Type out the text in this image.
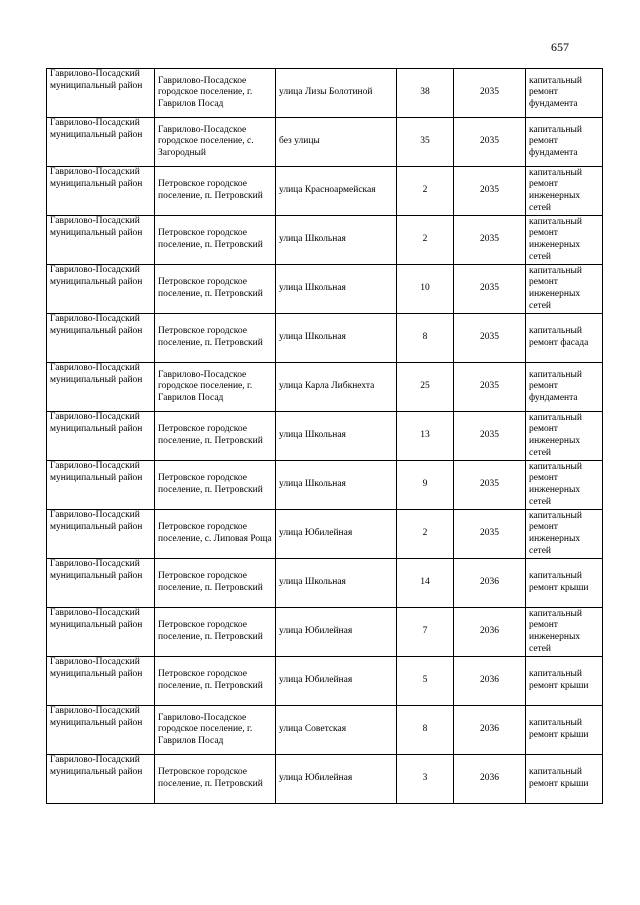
657
Гаврилово-Посадский муниципальный район	Гаврилово-Посадское городское поселение, г. Гаврилов Посад	улица Лизы Болотиной	38	2035	капитальный ремонт фундамента
Гаврилово-Посадский муниципальный район	Гаврилово-Посадское городское поселение, с. Загородный	без улицы	35	2035	капитальный ремонт фундамента
Гаврилово-Посадский муниципальный район	Петровское городское поселение, п. Петровский	улица Красноармейская	2	2035	капитальный ремонт инженерных сетей
Гаврилово-Посадский муниципальный район	Петровское городское поселение, п. Петровский	улица Школьная	2	2035	капитальный ремонт инженерных сетей
Гаврилово-Посадский муниципальный район	Петровское городское поселение, п. Петровский	улица Школьная	10	2035	капитальный ремонт инженерных сетей
Гаврилово-Посадский муниципальный район	Петровское городское поселение, п. Петровский	улица Школьная	8	2035	капитальный ремонт фасада
Гаврилово-Посадский муниципальный район	Гаврилово-Посадское городское поселение, г. Гаврилов Посад	улица Карла Либкнехта	25	2035	капитальный ремонт фундамента
Гаврилово-Посадский муниципальный район	Петровское городское поселение, п. Петровский	улица Школьная	13	2035	капитальный ремонт инженерных сетей
Гаврилово-Посадский муниципальный район	Петровское городское поселение, п. Петровский	улица Школьная	9	2035	капитальный ремонт инженерных сетей
Гаврилово-Посадский муниципальный район	Петровское городское поселение, с. Липовая Роща	улица Юбилейная	2	2035	капитальный ремонт инженерных сетей
Гаврилово-Посадский муниципальный район	Петровское городское поселение, п. Петровский	улица Школьная	14	2036	капитальный ремонт крыши
Гаврилово-Посадский муниципальный район	Петровское городское поселение, п. Петровский	улица Юбилейная	7	2036	капитальный ремонт инженерных сетей
Гаврилово-Посадский муниципальный район	Петровское городское поселение, п. Петровский	улица Юбилейная	5	2036	капитальный ремонт крыши
Гаврилово-Посадский муниципальный район	Гаврилово-Посадское городское поселение, г. Гаврилов Посад	улица Советская	8	2036	капитальный ремонт крыши
Гаврилово-Посадский муниципальный район	Петровское городское поселение, п. Петровский	улица Юбилейная	3	2036	капитальный ремонт крыши
